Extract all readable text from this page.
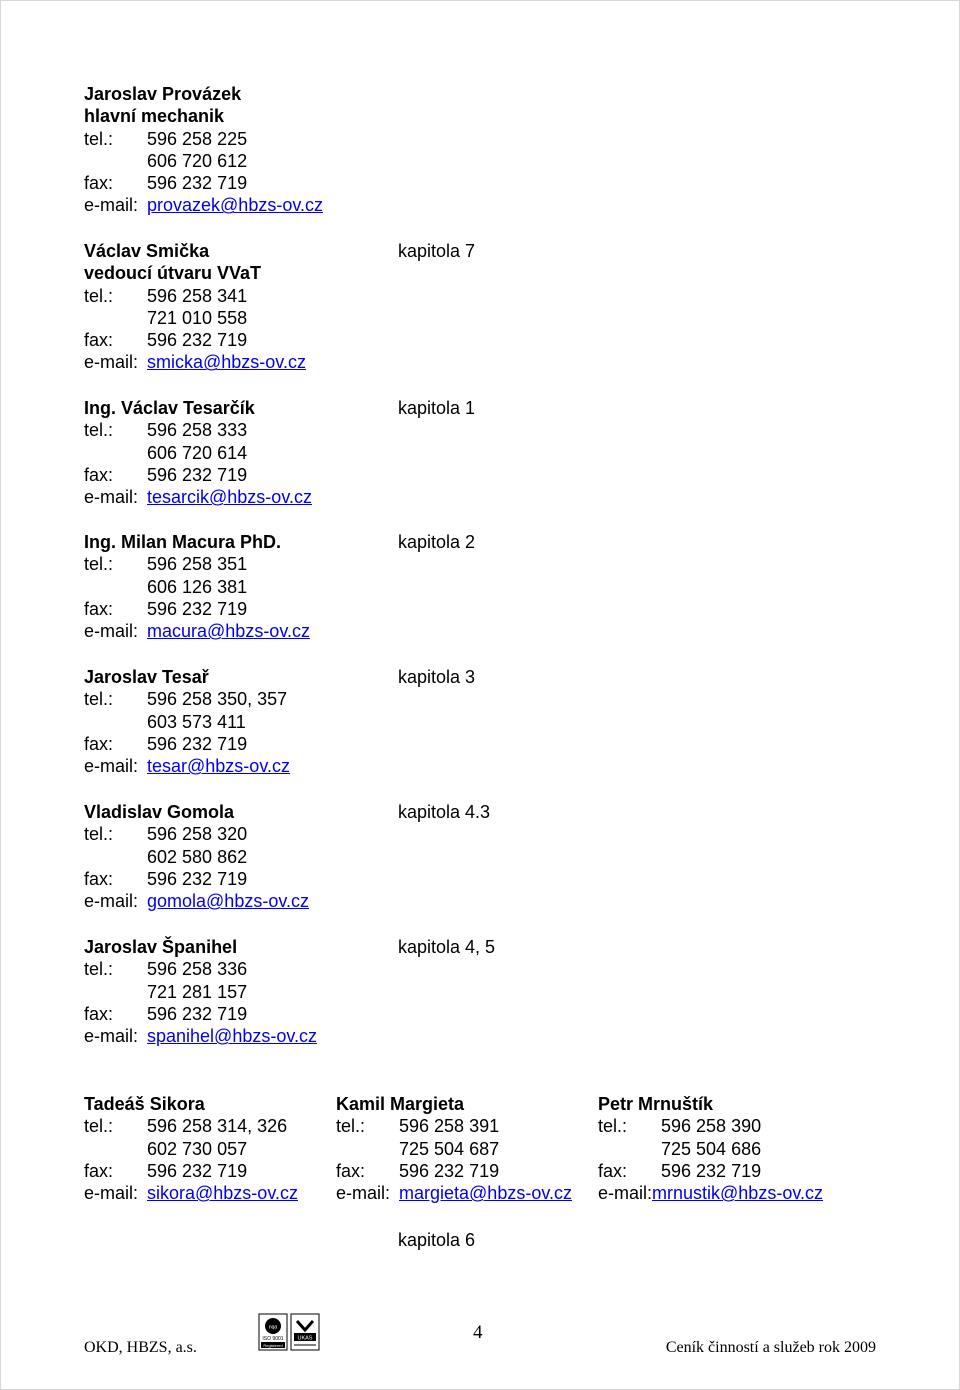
Jaroslav Provázek
hlavní mechanik
tel.: 596 258 225
606 720 612
fax: 596 232 719
e-mail: provazek@hbzs-ov.cz
Václav Smička	kapitola 7
vedoucí útvaru VVaT
tel.: 596 258 341
721 010 558
fax: 596 232 719
e-mail: smicka@hbzs-ov.cz
Ing. Václav Tesarčík	kapitola 1
tel.: 596 258 333
606 720 614
fax: 596 232 719
e-mail: tesarcik@hbzs-ov.cz
Ing. Milan Macura PhD.	kapitola 2
tel.: 596 258 351
606 126 381
fax: 596 232 719
e-mail: macura@hbzs-ov.cz
Jaroslav Tesař	kapitola 3
tel.: 596 258 350, 357
603 573 411
fax: 596 232 719
e-mail: tesar@hbzs-ov.cz
Vladislav Gomola	kapitola 4.3
tel.: 596 258 320
602 580 862
fax: 596 232 719
e-mail: gomola@hbzs-ov.cz
Jaroslav Španihel	kapitola 4, 5
tel.: 596 258 336
721 281 157
fax: 596 232 719
e-mail: spanihel@hbzs-ov.cz
Tadeáš Sikora
tel.: 596 258 314, 326
602 730 057
fax: 596 232 719
e-mail: sikora@hbzs-ov.cz
Kamil Margieta
tel.: 596 258 391
725 504 687
fax: 596 232 719
e-mail: margieta@hbzs-ov.cz
Petr Mrnuštík
tel.: 596 258 390
725 504 686
fax: 596 232 719
e-mail:mrnustik@hbzs-ov.cz
kapitola 6
OKD, HBZS, a.s.
nqa
ISO 9001
Registered
UKAS	4
Ceník činností a služeb rok 2009
